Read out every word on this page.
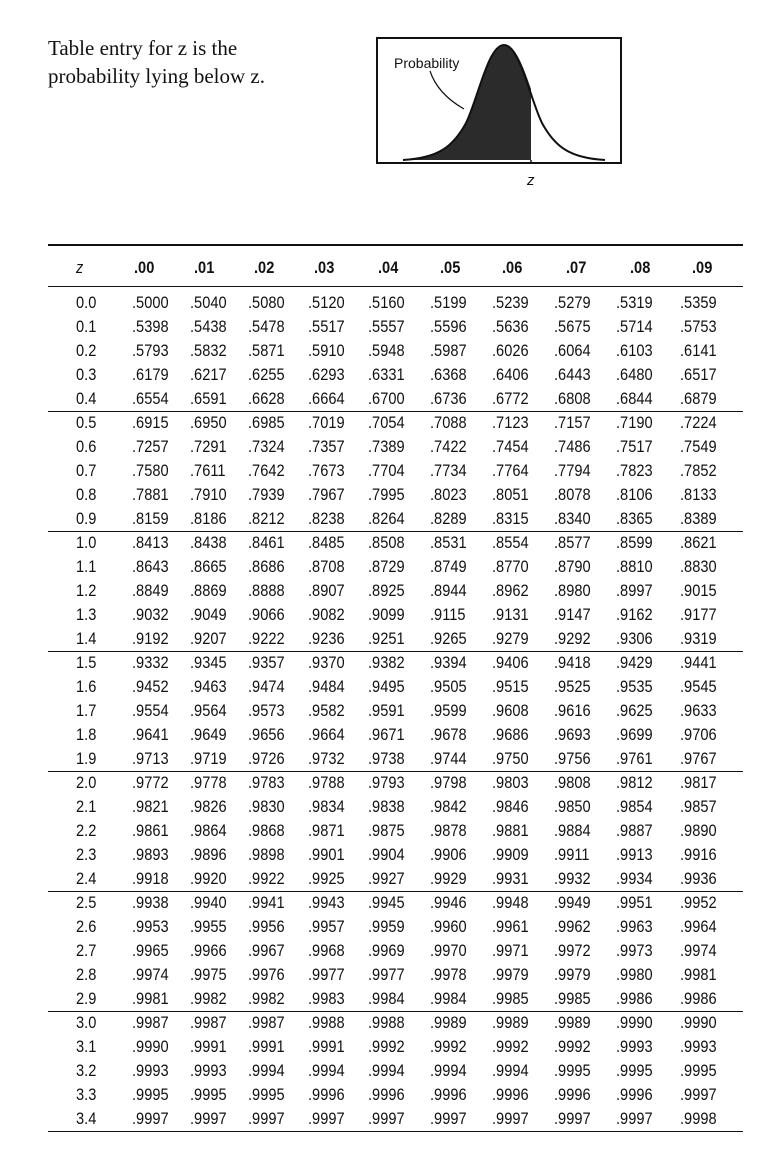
Table entry for z is the
probability lying below z.
Probability
z
z	.00	.01	.02	.03	.04	.05	.06	.07	.08	.09
0.0	.5000	.5040	.5080	.5120	.5160	.5199	.5239	.5279	.5319	.5359
0.1	.5398	.5438	.5478	.5517	.5557	.5596	.5636	.5675	.5714	.5753
0.2	.5793	.5832	.5871	.5910	.5948	.5987	.6026	.6064	.6103	.6141
0.3	.6179	.6217	.6255	.6293	.6331	.6368	.6406	.6443	.6480	.6517
0.4	.6554	.6591	.6628	.6664	.6700	.6736	.6772	.6808	.6844	.6879
0.5	.6915	.6950	.6985	.7019	.7054	.7088	.7123	.7157	.7190	.7224
0.6	.7257	.7291	.7324	.7357	.7389	.7422	.7454	.7486	.7517	.7549
0.7	.7580	.7611	.7642	.7673	.7704	.7734	.7764	.7794	.7823	.7852
0.8	.7881	.7910	.7939	.7967	.7995	.8023	.8051	.8078	.8106	.8133
0.9	.8159	.8186	.8212	.8238	.8264	.8289	.8315	.8340	.8365	.8389
1.0	.8413	.8438	.8461	.8485	.8508	.8531	.8554	.8577	.8599	.8621
1.1	.8643	.8665	.8686	.8708	.8729	.8749	.8770	.8790	.8810	.8830
1.2	.8849	.8869	.8888	.8907	.8925	.8944	.8962	.8980	.8997	.9015
1.3	.9032	.9049	.9066	.9082	.9099	.9115	.9131	.9147	.9162	.9177
1.4	.9192	.9207	.9222	.9236	.9251	.9265	.9279	.9292	.9306	.9319
1.5	.9332	.9345	.9357	.9370	.9382	.9394	.9406	.9418	.9429	.9441
1.6	.9452	.9463	.9474	.9484	.9495	.9505	.9515	.9525	.9535	.9545
1.7	.9554	.9564	.9573	.9582	.9591	.9599	.9608	.9616	.9625	.9633
1.8	.9641	.9649	.9656	.9664	.9671	.9678	.9686	.9693	.9699	.9706
1.9	.9713	.9719	.9726	.9732	.9738	.9744	.9750	.9756	.9761	.9767
2.0	.9772	.9778	.9783	.9788	.9793	.9798	.9803	.9808	.9812	.9817
2.1	.9821	.9826	.9830	.9834	.9838	.9842	.9846	.9850	.9854	.9857
2.2	.9861	.9864	.9868	.9871	.9875	.9878	.9881	.9884	.9887	.9890
2.3	.9893	.9896	.9898	.9901	.9904	.9906	.9909	.9911	.9913	.9916
2.4	.9918	.9920	.9922	.9925	.9927	.9929	.9931	.9932	.9934	.9936
2.5	.9938	.9940	.9941	.9943	.9945	.9946	.9948	.9949	.9951	.9952
2.6	.9953	.9955	.9956	.9957	.9959	.9960	.9961	.9962	.9963	.9964
2.7	.9965	.9966	.9967	.9968	.9969	.9970	.9971	.9972	.9973	.9974
2.8	.9974	.9975	.9976	.9977	.9977	.9978	.9979	.9979	.9980	.9981
2.9	.9981	.9982	.9982	.9983	.9984	.9984	.9985	.9985	.9986	.9986
3.0	.9987	.9987	.9987	.9988	.9988	.9989	.9989	.9989	.9990	.9990
3.1	.9990	.9991	.9991	.9991	.9992	.9992	.9992	.9992	.9993	.9993
3.2	.9993	.9993	.9994	.9994	.9994	.9994	.9994	.9995	.9995	.9995
3.3	.9995	.9995	.9995	.9996	.9996	.9996	.9996	.9996	.9996	.9997
3.4	.9997	.9997	.9997	.9997	.9997	.9997	.9997	.9997	.9997	.9998
